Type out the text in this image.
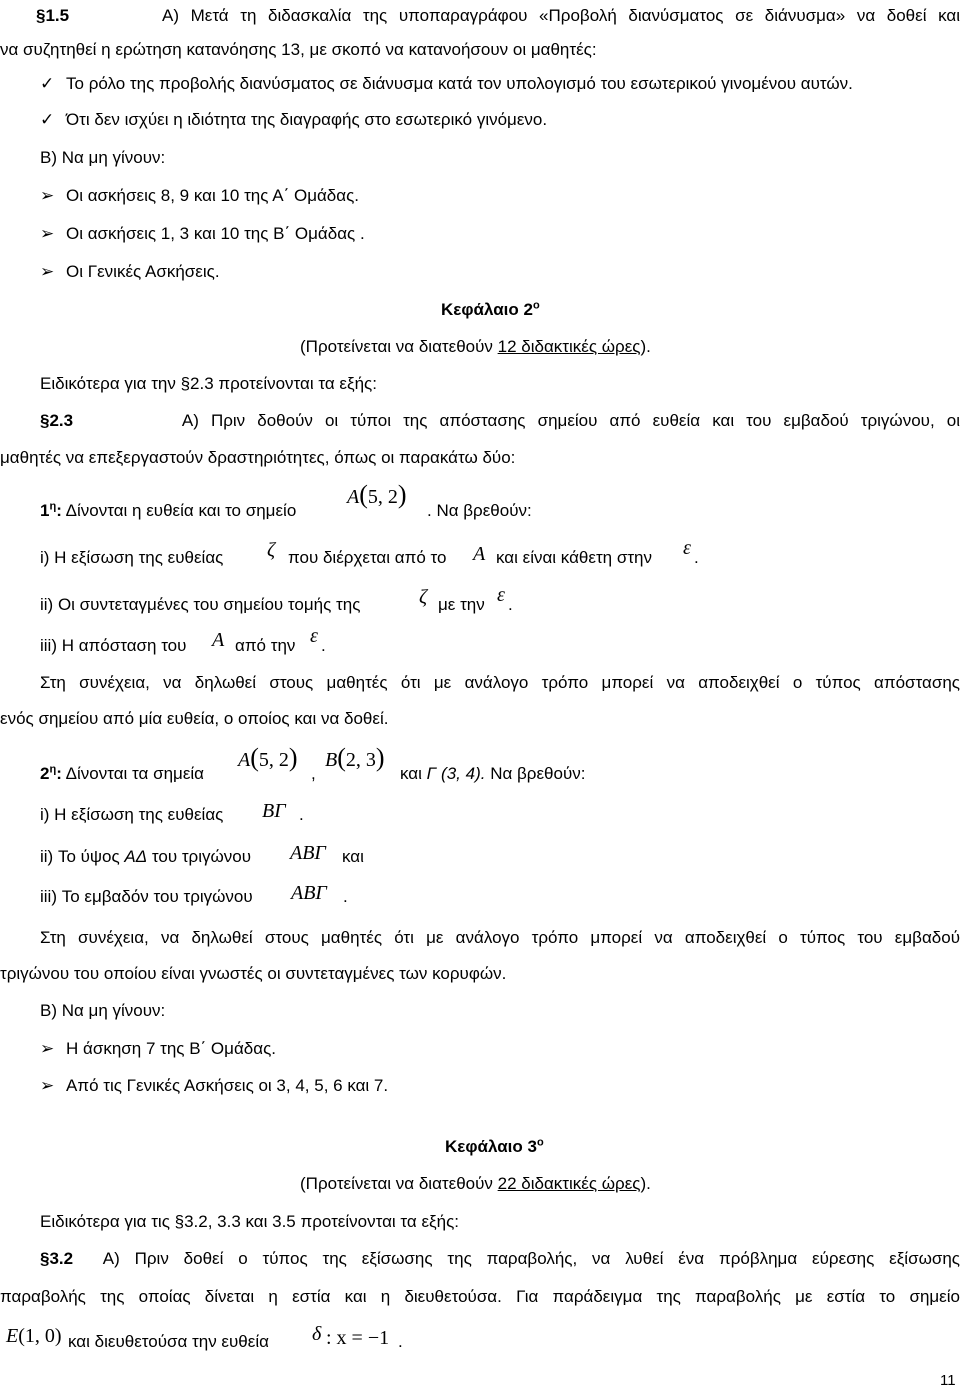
§1.5	Α) Μετά τη διδασκαλία της υποπαραγράφου «Προβολή διανύσματος σε διάνυσμα» να δοθεί και
να συζητηθεί η ερώτηση κατανόησης 13, με σκοπό να κατανοήσουν οι μαθητές:
✓ Το ρόλο της προβολής διανύσματος σε διάνυσμα κατά τον υπολογισμό του εσωτερικού γινομένου αυτών.
✓ Ότι δεν ισχύει η ιδιότητα της διαγραφής στο εσωτερικό γινόμενο.
Β) Να μη γίνουν:
➢ Οι ασκήσεις 8, 9 και 10 της Α΄ Ομάδας.
➢ Οι ασκήσεις 1, 3 και 10 της Β΄ Ομάδας .
➢ Οι Γενικές Ασκήσεις.
Κεφάλαιο $2^o$
(Προτείνεται να διατεθούν 12 διδακτικές ώρες).
Ειδικότερα για την §2.3 προτείνονται τα εξής:
§2.3	Α) Πριν δοθούν οι τύποι της απόστασης σημείου από ευθεία και του εμβαδού τριγώνου, οι
μαθητές να επεξεργαστούν δραστηριότητες, όπως οι παρακάτω δύο:
$1^\eta$: Δίνονται η ευθεία και το σημείο
A(5, 2)
. Να βρεθούν:
i) Η εξίσωση της ευθείας ζ που διέρχεται από το A και είναι κάθετη στην ε .
ii) Οι συντεταγμένες του σημείου τομής της	ζ με την ε .
iii) Η απόσταση του A από την ε .
Στη συνέχεια, να δηλωθεί στους μαθητές ότι με ανάλογο τρόπο μπορεί να αποδειχθεί ο τύπος απόστασης
ενός σημείου από μία ευθεία, ο οποίος και να δοθεί.
$2^\eta$: Δίνονται τα σημεία
A(5, 2)
,
B(2, 3)
και Γ (3, 4). Να βρεθούν:
i) Η εξίσωση της ευθείας ΒΓ .
ii) Το ύψος ΑΔ του τριγώνου ΑΒΓ και
iii) Το εμβαδόν του τριγώνου ΑΒΓ .
Στη συνέχεια, να δηλωθεί στους μαθητές ότι με ανάλογο τρόπο μπορεί να αποδειχθεί ο τύπος του εμβαδού
τριγώνου του οποίου είναι γνωστές οι συντεταγμένες των κορυφών.
Β) Να μη γίνουν:
➢ Η άσκηση 7 της Β΄ Ομάδας.
➢ Από τις Γενικές Ασκήσεις οι 3, 4, 5, 6 και 7.
Κεφάλαιο $3^o$
(Προτείνεται να διατεθούν 22 διδακτικές ώρες).
Ειδικότερα για τις §3.2, 3.3 και 3.5 προτείνονται τα εξής:
§3.2 Α) Πριν δοθεί ο τύπος της εξίσωσης της παραβολής, να λυθεί ένα πρόβλημα εύρεσης εξίσωσης
παραβολής της οποίας δίνεται η εστία και η διευθετούσα. Για παράδειγμα της παραβολής με εστία το σημείο
E(1, 0) και διευθετούσα την ευθεία δ : x = −1 .
11
